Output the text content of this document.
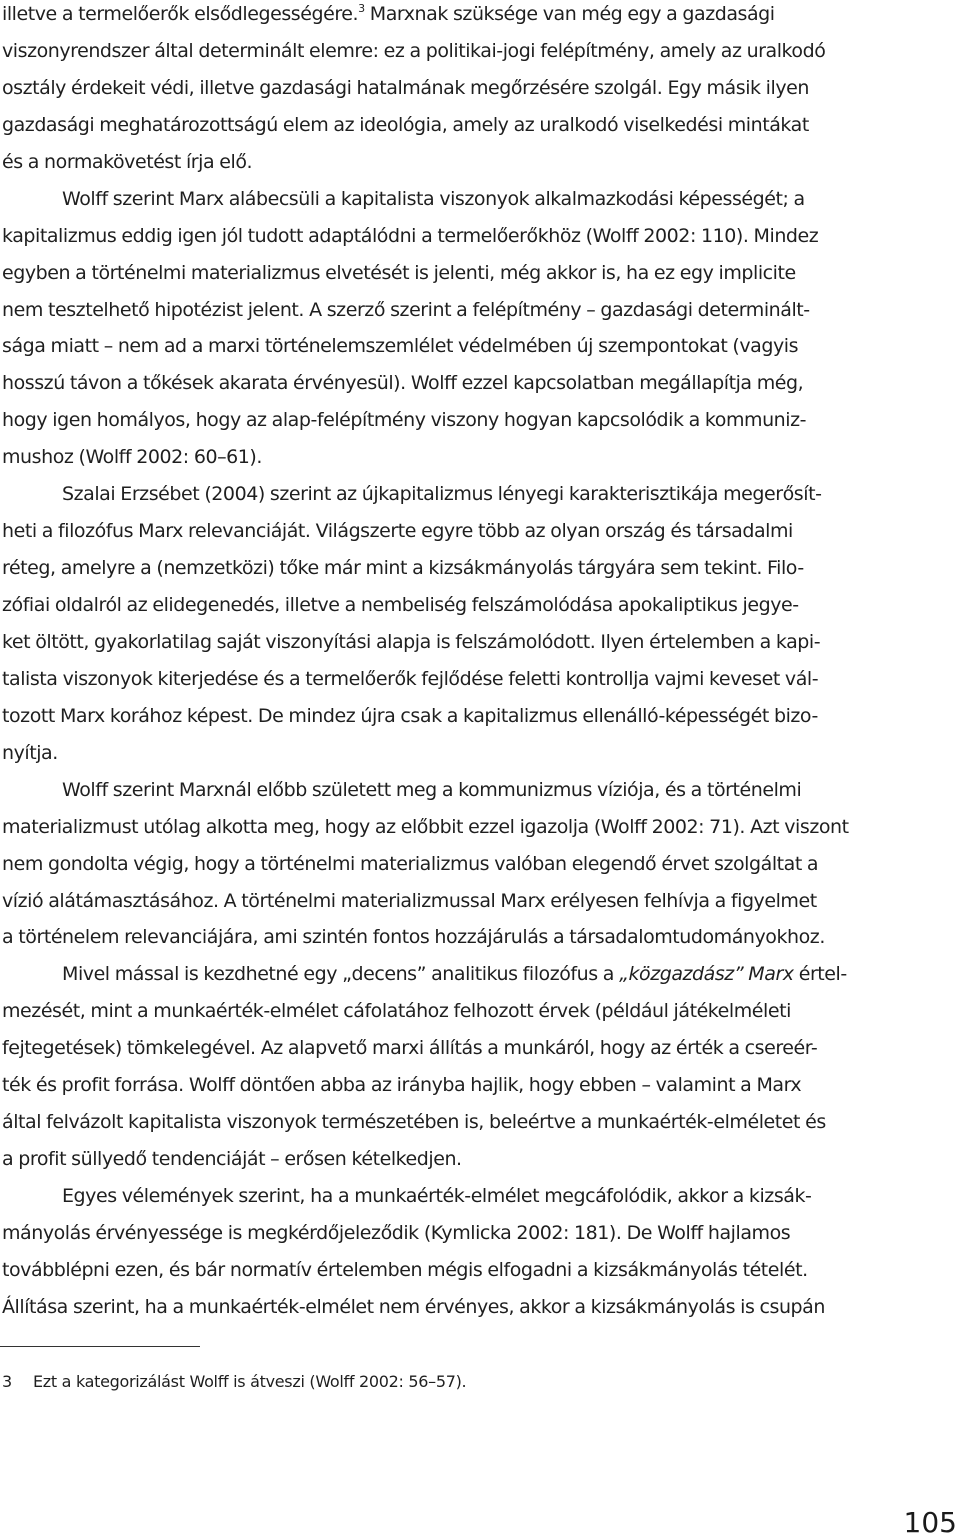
illetve a termelőerők elsődlegességére.$^3$ Marxnak szüksége van még egy a gazdasági
viszonyrendszer által determinált elemre: ez a politikai-jogi felépítmény, amely az uralkodó
osztály érdekeit védi, illetve gazdasági hatalmának megőrzésére szolgál. Egy másik ilyen
gazdasági meghatározottságú elem az ideológia, amely az uralkodó viselkedési mintákat
és a normakövetést írja elő.
Wolff szerint Marx alábecsüli a kapitalista viszonyok alkalmazkodási képességét; a
kapitalizmus eddig igen jól tudott adaptálódni a termelőerőkhöz (Wolff 2002: 110). Mindez
egyben a történelmi materializmus elvetését is jelenti, még akkor is, ha ez egy implicite
nem tesztelhető hipotézist jelent. A szerző szerint a felépítmény – gazdasági determinált-
sága miatt – nem ad a marxi történelemszemlélet védelmében új szempontokat (vagyis
hosszú távon a tőkések akarata érvényesül). Wolff ezzel kapcsolatban megállapítja még,
hogy igen homályos, hogy az alap-felépítmény viszony hogyan kapcsolódik a kommuniz-
mushoz (Wolff 2002: 60–61).
Szalai Erzsébet (2004) szerint az újkapitalizmus lényegi karakterisztikája megerősít-
heti a filozófus Marx relevanciáját. Világszerte egyre több az olyan ország és társadalmi
réteg, amelyre a (nemzetközi) tőke már mint a kizsákmányolás tárgyára sem tekint. Filo-
zófiai oldalról az elidegenedés, illetve a nembeliség felszámolódása apokaliptikus jegye-
ket öltött, gyakorlatilag saját viszonyítási alapja is felszámolódott. Ilyen értelemben a kapi-
talista viszonyok kiterjedése és a termelőerők fejlődése feletti kontrollja vajmi keveset vál-
tozott Marx korához képest. De mindez újra csak a kapitalizmus ellenálló-képességét bizo-
nyítja.
Wolff szerint Marxnál előbb született meg a kommunizmus víziója, és a történelmi
materializmust utólag alkotta meg, hogy az előbbit ezzel igazolja (Wolff 2002: 71). Azt viszont
nem gondolta végig, hogy a történelmi materializmus valóban elegendő érvet szolgáltat a
vízió alátámasztásához. A történelmi materializmussal Marx erélyesen felhívja a figyelmet
a történelem relevanciájára, ami szintén fontos hozzájárulás a társadalomtudományokhoz.
Mivel mással is kezdhetné egy „decens” analitikus filozófus a „közgazdász” Marx értel-
mezését, mint a munkaérték-elmélet cáfolatához felhozott érvek (például játékelméleti
fejtegetések) tömkelegével. Az alapvető marxi állítás a munkáról, hogy az érték a csereér-
ték és profit forrása. Wolff döntően abba az irányba hajlik, hogy ebben – valamint a Marx
által felvázolt kapitalista viszonyok természetében is, beleértve a munkaérték-elméletet és
a profit süllyedő tendenciáját – erősen kételkedjen.
Egyes vélemények szerint, ha a munkaérték-elmélet megcáfolódik, akkor a kizsák-
mányolás érvényessége is megkérdőjeleződik (Kymlicka 2002: 181). De Wolff hajlamos
továbblépni ezen, és bár normatív értelemben mégis elfogadni a kizsákmányolás tételét.
Állítása szerint, ha a munkaérték-elmélet nem érvényes, akkor a kizsákmányolás is csupán
3 Ezt a kategorizálást Wolff is átveszi (Wolff 2002: 56–57).
105
